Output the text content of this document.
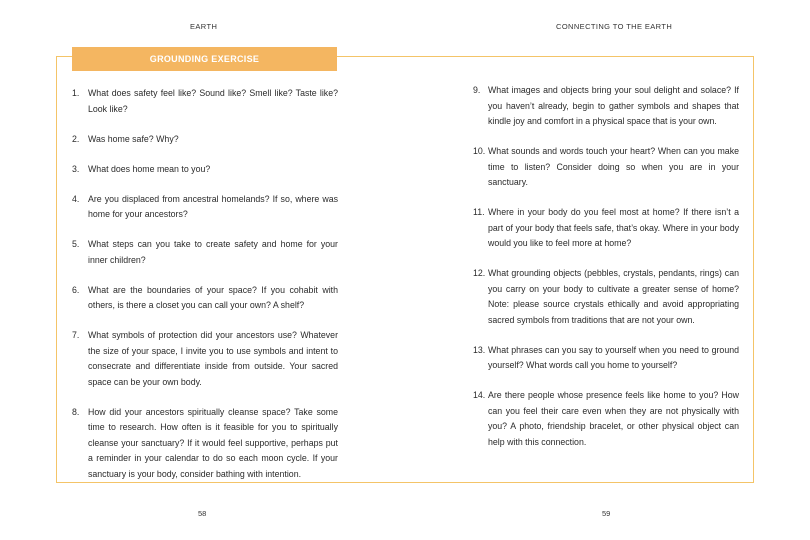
EARTH	CONNECTING TO THE EARTH
GROUNDING EXERCISE
1. What does safety feel like? Sound like? Smell like? Taste like? Look like?
2. Was home safe? Why?
3. What does home mean to you?
4. Are you displaced from ancestral homelands? If so, where was home for your ancestors?
5. What steps can you take to create safety and home for your inner children?
6. What are the boundaries of your space? If you cohabit with others, is there a closet you can call your own? A shelf?
7. What symbols of protection did your ancestors use? Whatever the size of your space, I invite you to use symbols and intent to consecrate and differentiate inside from outside. Your sacred space can be your own body.
8. How did your ancestors spiritually cleanse space? Take some time to research. How often is it feasible for you to spiritually cleanse your sanctuary? If it would feel supportive, perhaps put a reminder in your calendar to do so each moon cycle. If your sanctuary is your body, consider bathing with intention.
9. What images and objects bring your soul delight and solace? If you haven’t already, begin to gather symbols and shapes that kindle joy and comfort in a physical space that is your own.
10. What sounds and words touch your heart? When can you make time to listen? Consider doing so when you are in your sanctuary.
11. Where in your body do you feel most at home? If there isn’t a part of your body that feels safe, that’s okay. Where in your body would you like to feel more at home?
12. What grounding objects (pebbles, crystals, pendants, rings) can you carry on your body to cultivate a greater sense of home? Note: please source crystals ethically and avoid appropriating sacred symbols from traditions that are not your own.
13. What phrases can you say to yourself when you need to ground yourself? What words call you home to yourself?
14. Are there people whose presence feels like home to you? How can you feel their care even when they are not physically with you? A photo, friendship bracelet, or other physical object can help with this connection.
58	59
